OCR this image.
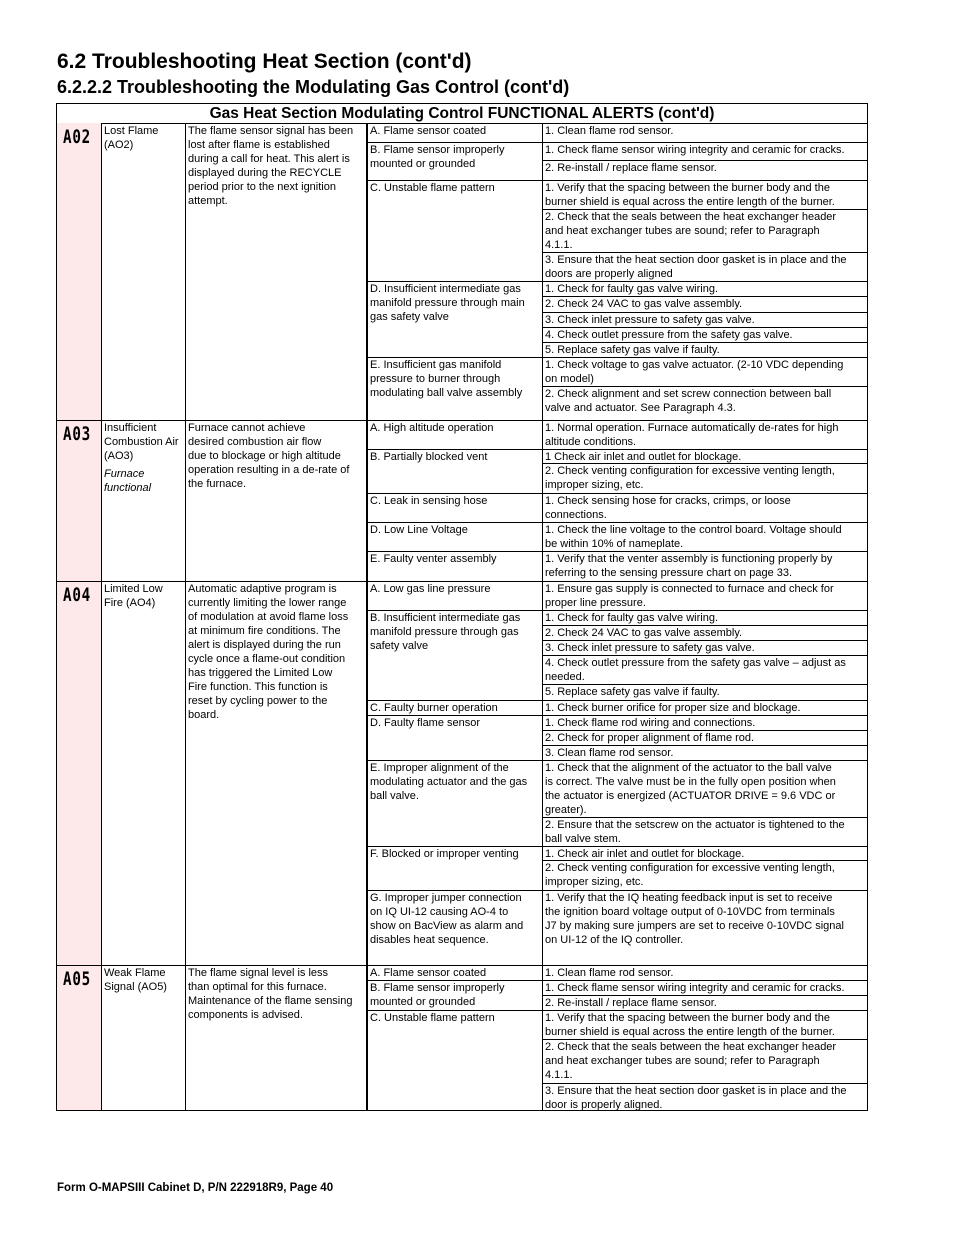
6.2 Troubleshooting Heat Section (cont'd)
6.2.2.2 Troubleshooting the Modulating Gas Control (cont'd)
Gas Heat Section Modulating Control FUNCTIONAL ALERTS (cont'd)
A02 Lost Flame
(AO2)
The flame sensor signal has been
lost after flame is established
during a call for heat. This alert is
displayed during the RECYCLE
period prior to the next ignition
attempt.
A03 Insufficient
Combustion Air
(AO3)
Furnace cannot achieve
desired combustion air flow
due to blockage or high altitude
operation resulting in a de-rate of
the furnace.
A04 Limited Low
Fire (AO4)
Automatic adaptive program is
currently limiting the lower range
of modulation at avoid flame loss
at minimum fire conditions. The
alert is displayed during the run
cycle once a flame-out condition
has triggered the Limited Low
Fire function. This function is
reset by cycling power to the
board.
A05 Weak Flame
Signal (AO5)
The flame signal level is less
than optimal for this furnace.
Maintenance of the flame sensing
components is advised.
Furnace
functional
A. Flame sensor coated
B. Flame sensor improperly
mounted or grounded
C. Unstable flame pattern
D. Insufficient intermediate gas
manifold pressure through main
gas safety valve
E. Insufficient gas manifold
pressure to burner through
modulating ball valve assembly
A. High altitude operation
B. Partially blocked vent
C. Leak in sensing hose
D. Low Line Voltage
E. Faulty venter assembly
A. Low gas line pressure
B. Insufficient intermediate gas
manifold pressure through gas
safety valve
C. Faulty burner operation
D. Faulty flame sensor
E. Improper alignment of the
modulating actuator and the gas
ball valve.
F. Blocked or improper venting
G. Improper jumper connection
on IQ UI-12 causing AO-4 to
show on BacView as alarm and
disables heat sequence.
A. Flame sensor coated
B. Flame sensor improperly
mounted or grounded
C. Unstable flame pattern
1. Clean flame rod sensor.
1. Check flame sensor wiring integrity and ceramic for cracks.
2. Re-install / replace flame sensor.
1. Verify that the spacing between the burner body and the
burner shield is equal across the entire length of the burner.
2. Check that the seals between the heat exchanger header
and heat exchanger tubes are sound; refer to Paragraph
4.1.1.
3. Ensure that the heat section door gasket is in place and the
doors are properly aligned
1. Check for faulty gas valve wiring.
2. Check 24 VAC to gas valve assembly.
3. Check inlet pressure to safety gas valve.
4. Check outlet pressure from the safety gas valve.
5. Replace safety gas valve if faulty.
1. Check voltage to gas valve actuator. (2-10 VDC depending
on model)
2. Check alignment and set screw connection between ball
valve and actuator. See Paragraph 4.3.
1. Normal operation. Furnace automatically de-rates for high
altitude conditions.
1 Check air inlet and outlet for blockage.
2. Check venting configuration for excessive venting length,
improper sizing, etc.
1. Check sensing hose for cracks, crimps, or loose
connections.
1. Check the line voltage to the control board. Voltage should
be within 10% of nameplate.
1. Verify that the venter assembly is functioning properly by
referring to the sensing pressure chart on page 33.
1. Ensure gas supply is connected to furnace and check for
proper line pressure.
1. Check for faulty gas valve wiring.
2. Check 24 VAC to gas valve assembly.
3. Check inlet pressure to safety gas valve.
4. Check outlet pressure from the safety gas valve – adjust as
needed.
5. Replace safety gas valve if faulty.
1. Check burner orifice for proper size and blockage.
1. Check flame rod wiring and connections.
2. Check for proper alignment of flame rod.
3. Clean flame rod sensor.
1. Check that the alignment of the actuator to the ball valve
is correct. The valve must be in the fully open position when
the actuator is energized (ACTUATOR DRIVE = 9.6 VDC or
greater).
2. Ensure that the setscrew on the actuator is tightened to the
ball valve stem.
1. Check air inlet and outlet for blockage.
2. Check venting configuration for excessive venting length,
improper sizing, etc.
1. Verify that the IQ heating feedback input is set to receive
the ignition board voltage output of 0-10VDC from terminals
J7 by making sure jumpers are set to receive 0-10VDC signal
on UI-12 of the IQ controller.
1. Clean flame rod sensor.
1. Check flame sensor wiring integrity and ceramic for cracks.
2. Re-install / replace flame sensor.
1. Verify that the spacing between the burner body and the
burner shield is equal across the entire length of the burner.
2. Check that the seals between the heat exchanger header
and heat exchanger tubes are sound; refer to Paragraph
4.1.1.
3. Ensure that the heat section door gasket is in place and the
door is properly aligned.
Form O-MAPSIII Cabinet D, P/N 222918R9, Page 40
